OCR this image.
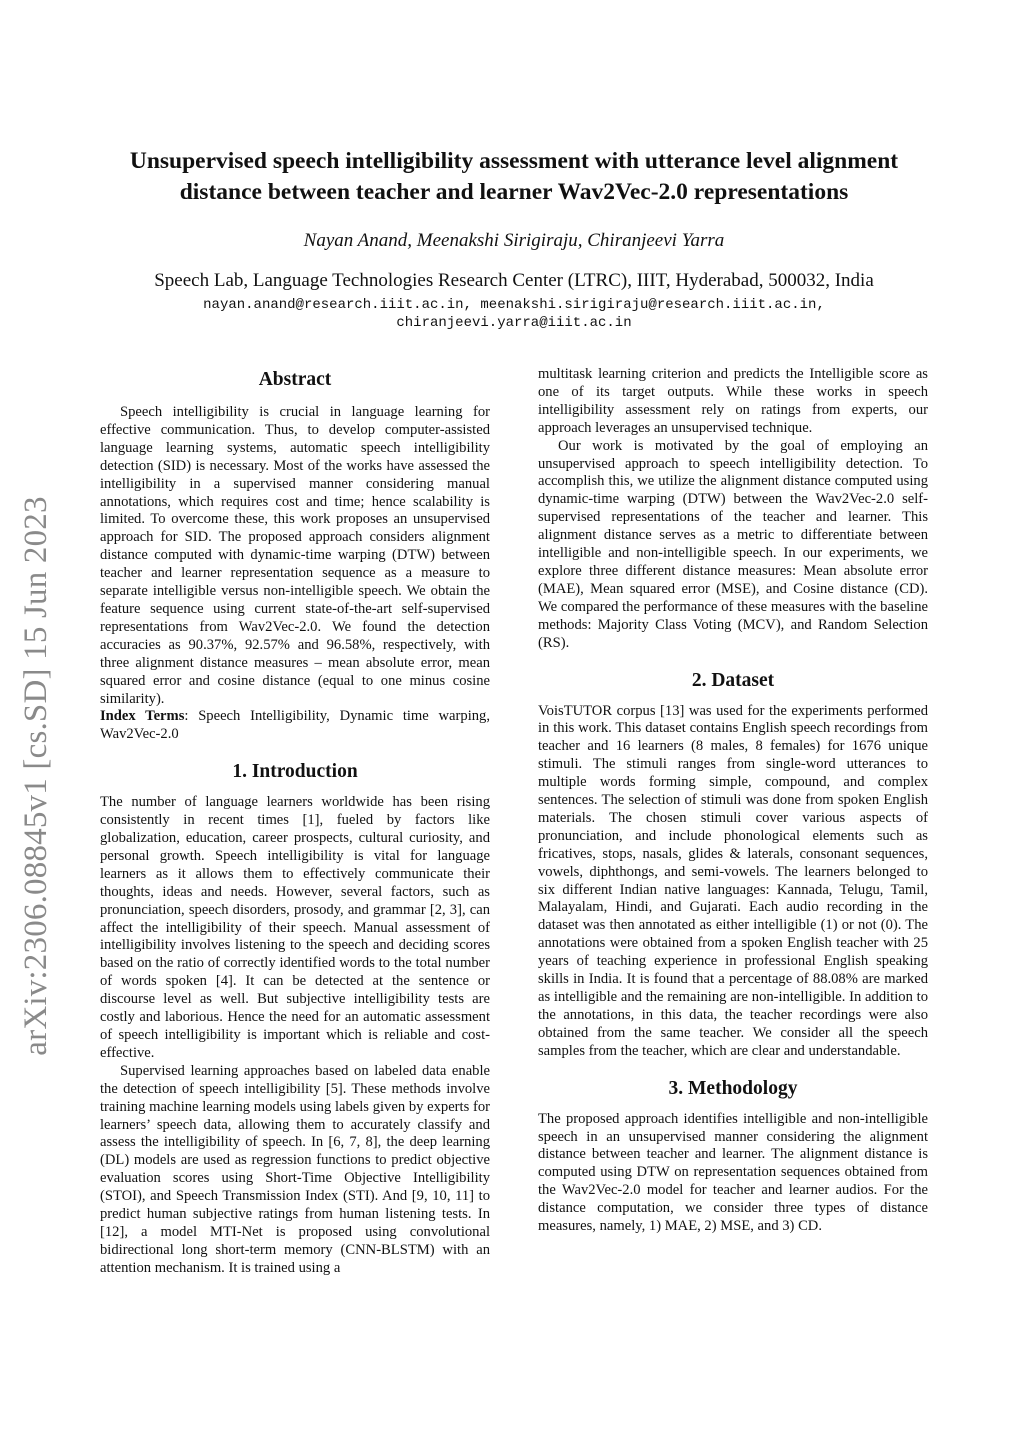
arXiv:2306.08845v1 [cs.SD] 15 Jun 2023
Unsupervised speech intelligibility assessment with utterance level alignment
distance between teacher and learner Wav2Vec-2.0 representations
Nayan Anand, Meenakshi Sirigiraju, Chiranjeevi Yarra
Speech Lab, Language Technologies Research Center (LTRC), IIIT, Hyderabad, 500032, India
nayan.anand@research.iiit.ac.in, meenakshi.sirigiraju@research.iiit.ac.in,
chiranjeevi.yarra@iiit.ac.in
Abstract

Speech intelligibility is crucial in language learning for effective communication. Thus, to develop computer-assisted language learning systems, automatic speech intelligibility detection (SID) is necessary. Most of the works have assessed the intelligibility in a supervised manner considering manual annotations, which requires cost and time; hence scalability is limited. To overcome these, this work proposes an unsupervised approach for SID. The proposed approach considers alignment distance computed with dynamic-time warping (DTW) between teacher and learner representation sequence as a measure to separate intelligible versus non-intelligible speech. We obtain the feature sequence using current state-of-the-art self-supervised representations from Wav2Vec-2.0. We found the detection accuracies as 90.37%, 92.57% and 96.58%, respectively, with three alignment distance measures – mean absolute error, mean squared error and cosine distance (equal to one minus cosine similarity).

Index Terms: Speech Intelligibility, Dynamic time warping, Wav2Vec-2.0

1. Introduction

The number of language learners worldwide has been rising consistently in recent times [1], fueled by factors like globalization, education, career prospects, cultural curiosity, and personal growth. Speech intelligibility is vital for language learners as it allows them to effectively communicate their thoughts, ideas and needs. However, several factors, such as pronunciation, speech disorders, prosody, and grammar [2, 3], can affect the intelligibility of their speech. Manual assessment of intelligibility involves listening to the speech and deciding scores based on the ratio of correctly identified words to the total number of words spoken [4]. It can be detected at the sentence or discourse level as well. But subjective intelligibility tests are costly and laborious. Hence the need for an automatic assessment of speech intelligibility is important which is reliable and cost-effective.

Supervised learning approaches based on labeled data enable the detection of speech intelligibility [5]. These methods involve training machine learning models using labels given by experts for learners’ speech data, allowing them to accurately classify and assess the intelligibility of speech. In [6, 7, 8], the deep learning (DL) models are used as regression functions to predict objective evaluation scores using Short-Time Objective Intelligibility (STOI), and Speech Transmission Index (STI). And [9, 10, 11] to predict human subjective ratings from human listening tests. In [12], a model MTI-Net is proposed using convolutional bidirectional long short-term memory (CNN-BLSTM) with an attention mechanism. It is trained using a

multitask learning criterion and predicts the Intelligible score as one of its target outputs. While these works in speech intelligibility assessment rely on ratings from experts, our approach leverages an unsupervised technique.

Our work is motivated by the goal of employing an unsupervised approach to speech intelligibility detection. To accomplish this, we utilize the alignment distance computed using dynamic-time warping (DTW) between the Wav2Vec-2.0 self-supervised representations of the teacher and learner. This alignment distance serves as a metric to differentiate between intelligible and non-intelligible speech. In our experiments, we explore three different distance measures: Mean absolute error (MAE), Mean squared error (MSE), and Cosine distance (CD). We compared the performance of these measures with the baseline methods: Majority Class Voting (MCV), and Random Selection (RS).

2. Dataset

VoisTUTOR corpus [13] was used for the experiments performed in this work. This dataset contains English speech recordings from teacher and 16 learners (8 males, 8 females) for 1676 unique stimuli. The stimuli ranges from single-word utterances to multiple words forming simple, compound, and complex sentences. The selection of stimuli was done from spoken English materials. The chosen stimuli cover various aspects of pronunciation, and include phonological elements such as fricatives, stops, nasals, glides & laterals, consonant sequences, vowels, diphthongs, and semi-vowels. The learners belonged to six different Indian native languages: Kannada, Telugu, Tamil, Malayalam, Hindi, and Gujarati. Each audio recording in the dataset was then annotated as either intelligible (1) or not (0). The annotations were obtained from a spoken English teacher with 25 years of teaching experience in professional English speaking skills in India. It is found that a percentage of 88.08% are marked as intelligible and the remaining are non-intelligible. In addition to the annotations, in this data, the teacher recordings were also obtained from the same teacher. We consider all the speech samples from the teacher, which are clear and understandable.

3. Methodology

The proposed approach identifies intelligible and non-intelligible speech in an unsupervised manner considering the alignment distance between teacher and learner. The alignment distance is computed using DTW on representation sequences obtained from the Wav2Vec-2.0 model for teacher and learner audios. For the distance computation, we consider three types of distance measures, namely, 1) MAE, 2) MSE, and 3) CD.
